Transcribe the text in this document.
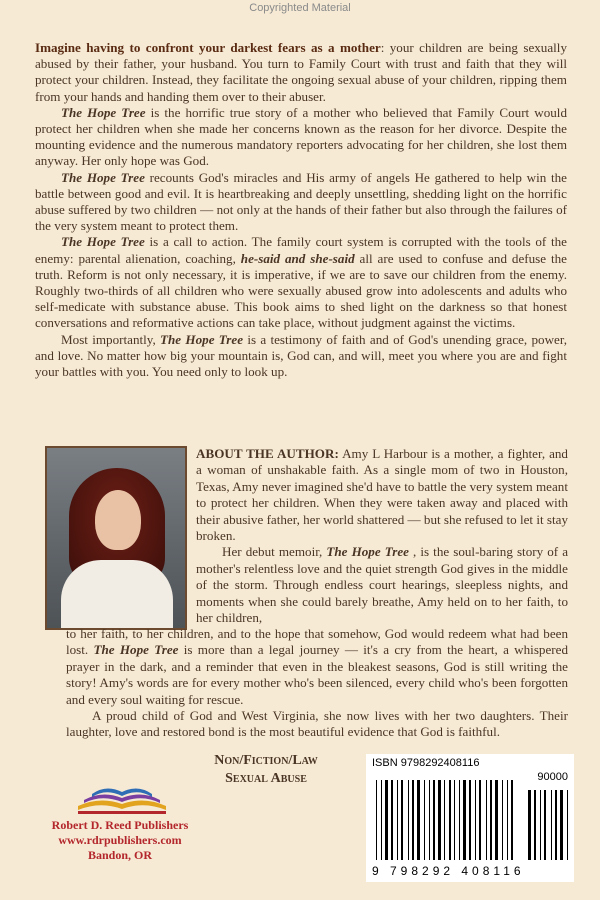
Copyrighted Material

Imagine having to confront your darkest fears as a mother: your children are being sexually abused by their father, your husband. You turn to Family Court with trust and faith that they will protect your children. Instead, they facilitate the ongoing sexual abuse of your children, ripping them from your hands and handing them over to their abuser.

The Hope Tree is the horrific true story of a mother who believed that Family Court would protect her children when she made her concerns known as the reason for her divorce. Despite the mounting evidence and the numerous mandatory reporters advocating for her children, she lost them anyway. Her only hope was God.

The Hope Tree recounts God's miracles and His army of angels He gathered to help win the battle between good and evil. It is heartbreaking and deeply unsettling, shedding light on the horrific abuse suffered by two children — not only at the hands of their father but also through the failures of the very system meant to protect them.

The Hope Tree is a call to action. The family court system is corrupted with the tools of the enemy: parental alienation, coaching, he-said and she-said all are used to confuse and defuse the truth. Reform is not only necessary, it is imperative, if we are to save our children from the enemy. Roughly two-thirds of all children who were sexually abused grow into adolescents and adults who self-medicate with substance abuse. This book aims to shed light on the darkness so that honest conversations and reformative actions can take place, without judgment against the victims.

Most importantly, The Hope Tree is a testimony of faith and of God's unending grace, power, and love. No matter how big your mountain is, God can, and will, meet you where you are and fight your battles with you. You need only to look up.

ABOUT THE AUTHOR: Amy L Harbour is a mother, a fighter, and a woman of unshakable faith. As a single mom of two in Houston, Texas, Amy never imagined she'd have to battle the very system meant to protect her children. When they were taken away and placed with their abusive father, her world shattered — but she refused to let it stay broken.

Her debut memoir, The Hope Tree , is the soul-baring story of a mother's relentless love and the quiet strength God gives in the middle of the storm. Through endless court hearings, sleepless nights, and moments when she could barely breathe, Amy held on to her faith, to her children,

to her faith, to her children, and to the hope that somehow, God would redeem what had been lost. The Hope Tree is more than a legal journey — it's a cry from the heart, a whispered prayer in the dark, and a reminder that even in the bleakest seasons, God is still writing the story! Amy's words are for every mother who's been silenced, every child who's been forgotten and every soul waiting for rescue.

A proud child of God and West Virginia, she now lives with her two daughters. Their laughter, love and restored bond is the most beautiful evidence that God is faithful.

Non/Fiction/Law
Sexual Abuse
Robert D. Reed Publishers
www.rdrpublishers.com
Bandon, OR
ISBN 9798292408116
90000
9 798292 408116
